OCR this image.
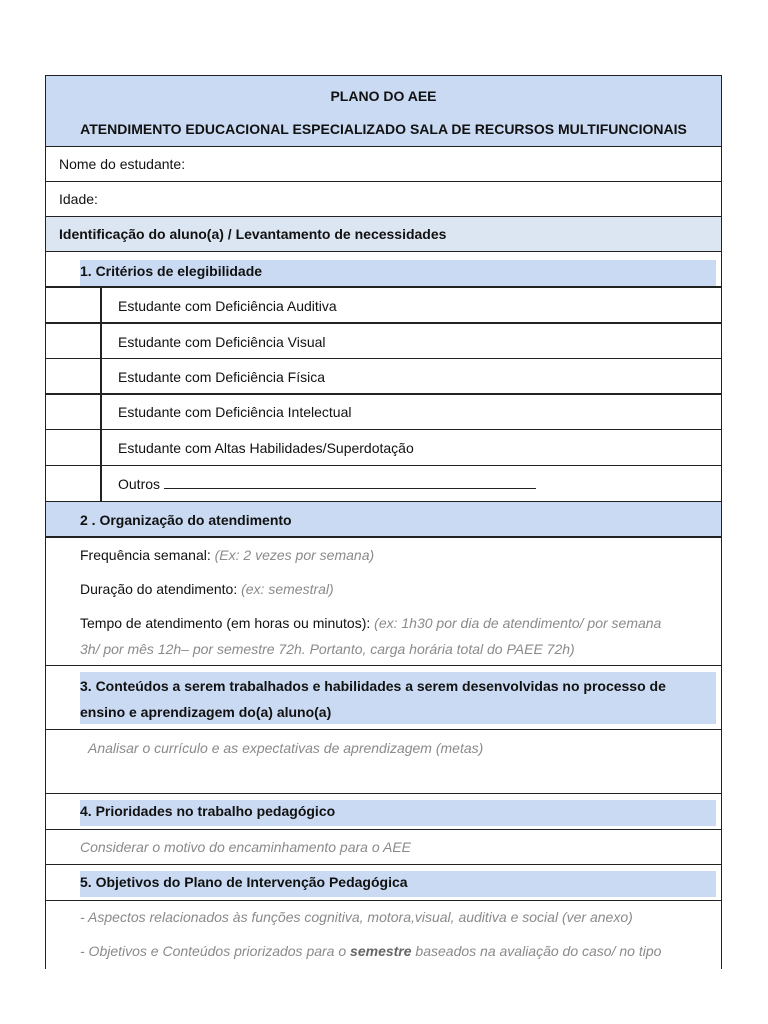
PLANO DO AEE
ATENDIMENTO EDUCACIONAL ESPECIALIZADO SALA DE RECURSOS MULTIFUNCIONAIS
Nome do estudante:
Idade:
Identificação do aluno(a) / Levantamento de necessidades
1. Critérios de elegibilidade
Estudante com Deficiência Auditiva
Estudante com Deficiência Visual
Estudante com Deficiência Física
Estudante com Deficiência Intelectual
Estudante com Altas Habilidades/Superdotação
Outros
2 . Organização do atendimento
Frequência semanal: (Ex: 2 vezes por semana)
Duração do atendimento: (ex: semestral)
Tempo de atendimento (em horas ou minutos): (ex: 1h30 por dia de atendimento/ por semana
3h/ por mês 12h– por semestre 72h. Portanto, carga horária total do PAEE 72h)
3. Conteúdos a serem trabalhados e habilidades a serem desenvolvidas no processo de
ensino e aprendizagem do(a) aluno(a)
Analisar o currículo e as expectativas de aprendizagem (metas)
4. Prioridades no trabalho pedagógico
Considerar o motivo do encaminhamento para o AEE
5. Objetivos do Plano de Intervenção Pedagógica
- Aspectos relacionados às funções cognitiva, motora,visual, auditiva e social (ver anexo)
- Objetivos e Conteúdos priorizados para o semestre baseados na avaliação do caso/ no tipo
